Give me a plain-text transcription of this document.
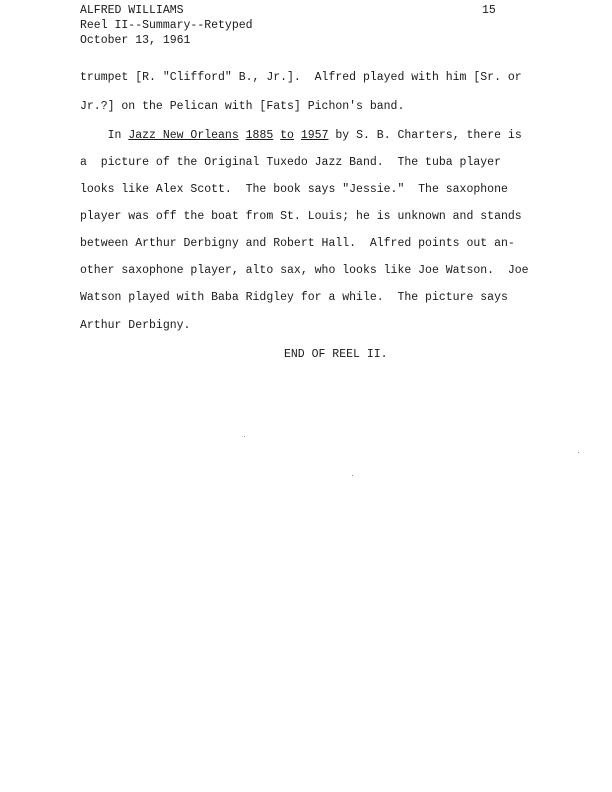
ALFRED WILLIAMS
Reel II--Summary--Retyped
October 13, 1961
15
trumpet [R. "Clifford" B., Jr.].  Alfred played with him [Sr. or
Jr.?] on the Pelican with [Fats] Pichon's band.
In Jazz New Orleans 1885 to 1957 by S. B. Charters, there is
a  picture of the Original Tuxedo Jazz Band.  The tuba player
looks like Alex Scott.  The book says "Jessie."  The saxophone
player was off the boat from St. Louis; he is unknown and stands
between Arthur Derbigny and Robert Hall.  Alfred points out an-
other saxophone player, alto sax, who looks like Joe Watson.  Joe
Watson played with Baba Ridgley for a while.  The picture says
Arthur Derbigny.
END OF REEL II.
